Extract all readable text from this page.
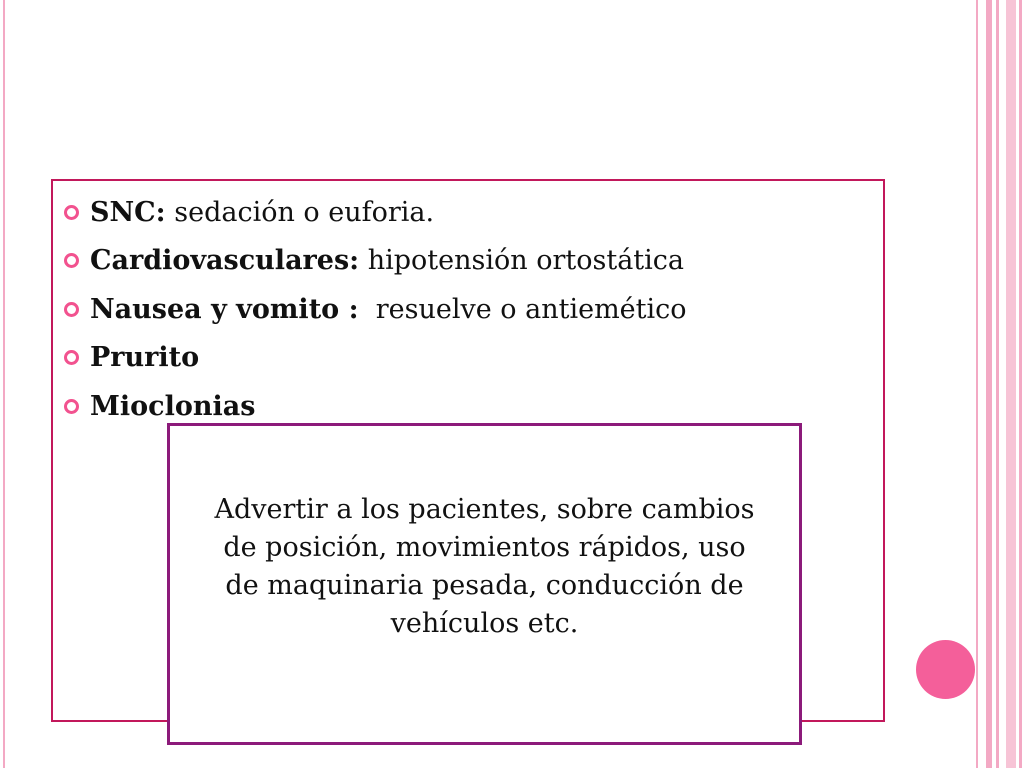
SNC:
sedación o euforia.
Cardiovasculares:
hipotensión ortostática
Nausea y vomito :
resuelve o antiemético
Prurito
Mioclonias
Advertir a los pacientes, sobre cambios de posición, movimientos rápidos, uso de maquinaria pesada, conducción de vehículos etc.
